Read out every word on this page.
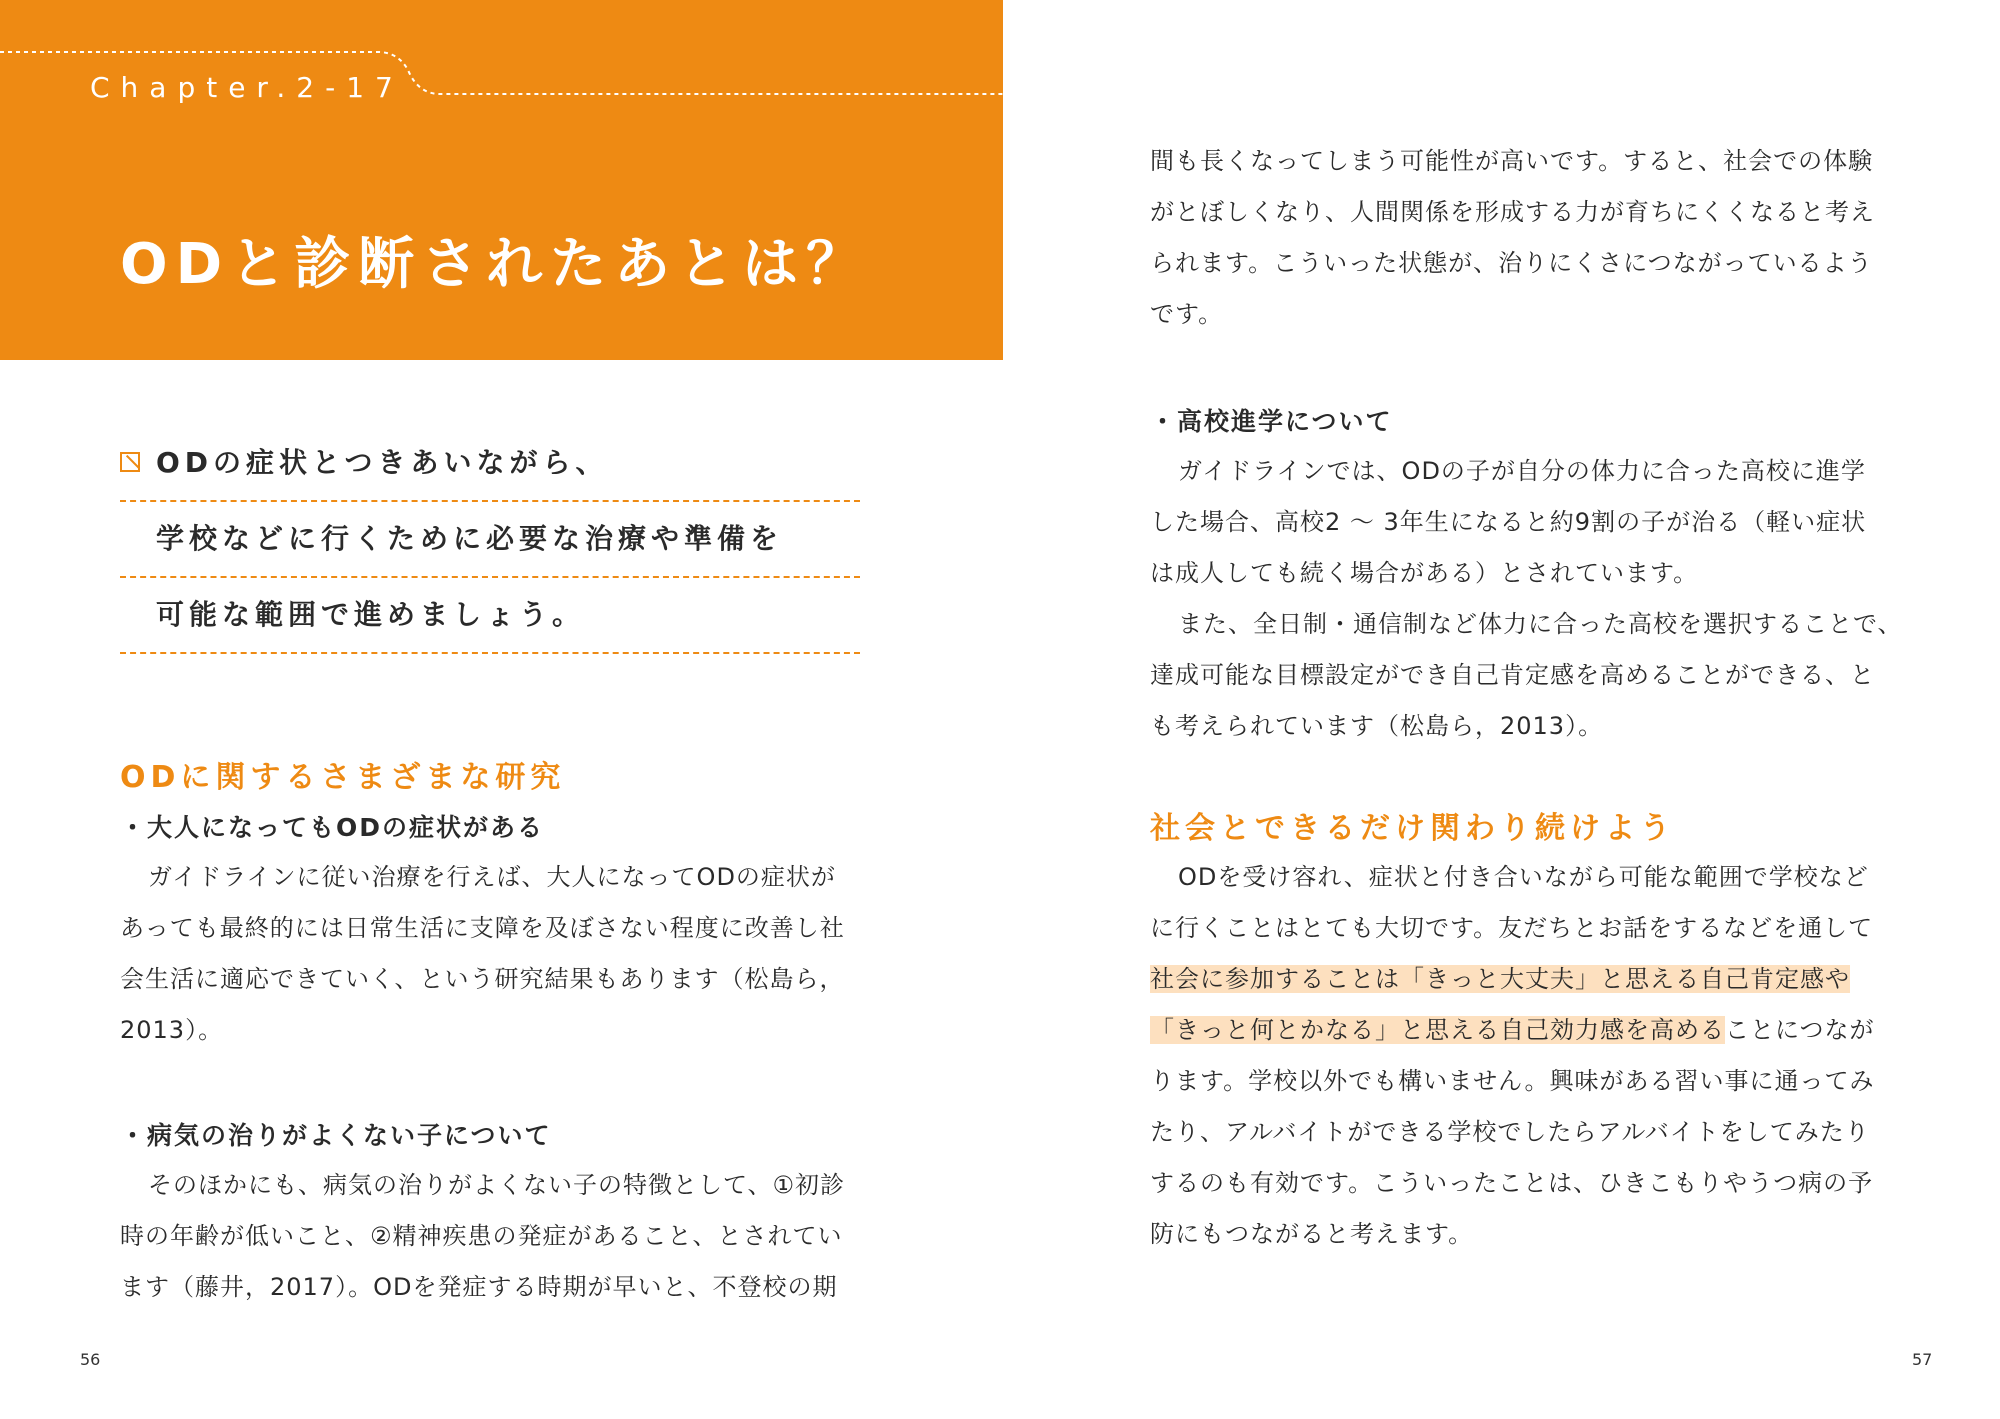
Chapter.2-17
ODと診断されたあとは？
ODの症状とつきあいながら、
学校などに行くために必要な治療や準備を
可能な範囲で進めましょう。
ODに関するさまざまな研究
・大人になってもODの症状がある
ガイドラインに従い治療を行えば、大人になってODの症状が
あっても最終的には日常生活に支障を及ぼさない程度に改善し社
会生活に適応できていく、という研究結果もあります（松島ら，
2013）。
・病気の治りがよくない子について
そのほかにも、病気の治りがよくない子の特徴として、①初診
時の年齢が低いこと、②精神疾患の発症があること、とされてい
ます（藤井，2017）。ODを発症する時期が早いと、不登校の期
56
間も長くなってしまう可能性が高いです。すると、社会での体験
がとぼしくなり、人間関係を形成する力が育ちにくくなると考え
られます。こういった状態が、治りにくさにつながっているよう
です。
・高校進学について
ガイドラインでは、ODの子が自分の体力に合った高校に進学
した場合、高校2 ～ 3年生になると約9割の子が治る（軽い症状
は成人しても続く場合がある）とされています。
また、全日制・通信制など体力に合った高校を選択することで、
達成可能な目標設定ができ自己肯定感を高めることができる、と
も考えられています（松島ら，2013）。
社会とできるだけ関わり続けよう
ODを受け容れ、症状と付き合いながら可能な範囲で学校など
に行くことはとても大切です。友だちとお話をするなどを通して
社会に参加することは「きっと大丈夫」と思える自己肯定感や
「きっと何とかなる」と思える自己効力感を高めることにつなが
ります。学校以外でも構いません。興味がある習い事に通ってみ
たり、アルバイトができる学校でしたらアルバイトをしてみたり
するのも有効です。こういったことは、ひきこもりやうつ病の予
防にもつながると考えます。
57
